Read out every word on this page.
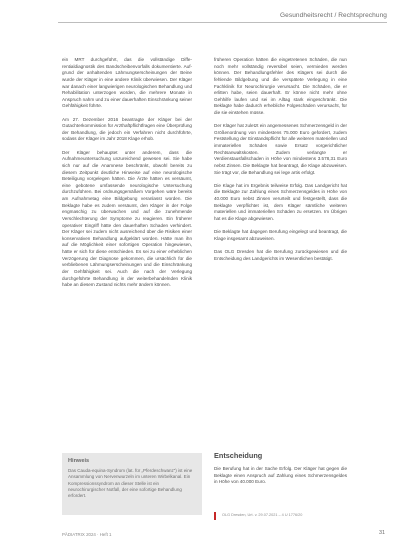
Gesundheitsrecht / Rechtsprechung

ein MRT durchgeführt, das die vollständige Differentialdiagnostik des Bandscheibenvorfalls dokumentierte. Aufgrund der anhaltenden Lähmungserscheinungen der Beine wurde der Kläger in eine andere Klinik überwiesen. Der Kläger war danach einer langwierigen neurologischen Behandlung und Rehabilitation unterzogen worden, die mehrere Monate in Anspruch nahm und zu einer dauerhaften Einschränkung seiner Gehfähigkeit führte.

Am 27. Dezember 2016 beantragte der Kläger bei der Gutachterkommission für Arzthaftpflichtfragen eine Überprüfung der Behandlung, die jedoch ein Verfahren nicht durchführte, sodass der Kläger im Jahr 2018 Klage erhob.

Der Kläger behauptet unter anderem, dass die Aufnahmeuntersuchung unzureichend gewesen sei. Sie habe sich nur auf die Anamnese beschränkt, obwohl bereits zu diesem Zeitpunkt deutliche Hinweise auf eine neurologische Beteiligung vorgelegen hätten. Die Ärzte hätten es versäumt, eine gebotene umfassende neurologische Untersuchung durchzuführen. Bei ordnungsgemäßem Vorgehen wäre bereits am Aufnahmetag eine Bildgebung veranlasst worden. Die Beklagte habe es zudem versäumt, den Kläger in der Folge engmaschig zu überwachen und auf die zunehmende Verschlechterung der Symptome zu reagieren. Ein früherer operativer Eingriff hätte den dauerhaften Schaden verhindert. Der Kläger sei zudem nicht ausreichend über die Risiken einer konservativen Behandlung aufgeklärt worden. Hätte man ihn auf die Möglichkeit einer sofortigen Operation hingewiesen, hätte er sich für diese entschieden. Es sei zu einer erheblichen Verzögerung der Diagnose gekommen, die ursächlich für die verbliebenen Lähmungserscheinungen und die Einschränkung der Gehfähigkeit sei. Auch die nach der Verlegung durchgeführte Behandlung in der weiterbehandelnden Klinik habe an diesem Zustand nichts mehr ändern können.

früheren Operation hätten die eingetretenen Schäden, die nun noch mehr vollständig reversibel seien, vermieden werden können. Der Behandlungsfehler des Klägers sei durch die fehlende Bildgebung und die verspätete Verlegung in eine Fachklinik für Neurochirurgie verursacht. Die Schäden, die er erlitten habe, seien dauerhaft. Er könne nicht mehr ohne Gehhilfe laufen und sei im Alltag stark eingeschränkt. Die Beklagte habe dadurch erhebliche Folgeschäden verursacht, für die sie einstehen müsse.

Der Kläger hat zuletzt ein angemessenes Schmerzensgeld in der Größenordnung von mindestens 75.000 Euro gefordert, zudem Feststellung der Einstandspflicht für alle weiteren materiellen und immateriellen Schäden sowie Ersatz vorgerichtlicher Rechtsanwaltskosten. Zudem verlangte er Verdienstausfallschaden in Höhe von mindestens 3.578,31 Euro nebst Zinsen. Die Beklagte hat beantragt, die Klage abzuweisen. Sie trägt vor, die Behandlung sei lege artis erfolgt.

Die Klage hat im Ergebnis teilweise Erfolg. Das Landgericht hat die Beklagte zur Zahlung eines Schmerzensgeldes in Höhe von 40.000 Euro nebst Zinsen verurteilt und festgestellt, dass die Beklagte verpflichtet ist, dem Kläger sämtliche weiteren materiellen und immateriellen Schäden zu ersetzen. Im Übrigen hat es die Klage abgewiesen.

Die Beklagte hat dagegen Berufung eingelegt und beantragt, die Klage insgesamt abzuweisen.

Das OLG Dresden hat die Berufung zurückgewiesen und die Entscheidung des Landgerichts im Wesentlichen bestätigt.

Hinweis
Das Cauda-equina-Syndrom (lat. für „Pferdeschwanz“) ist eine Ansammlung von Nervenwurzeln im unteren Wirbelkanal. Ein Kompressionssyndrom an dieser Stelle ist ein neurochirurgischer Notfall, der eine sofortige Behandlung erfordert.
Entscheidung
Die Berufung hat in der Sache Erfolg. Der Kläger hat gegen die Beklagte einen Anspruch auf Zahlung eines Schmerzensgeldes in Höhe von 40.000 Euro.
OLG Dresden, Urt. v. 29.07.2021 – 4 U 1776/20
PÄDIATRIX 2024 · Heft 1	31
